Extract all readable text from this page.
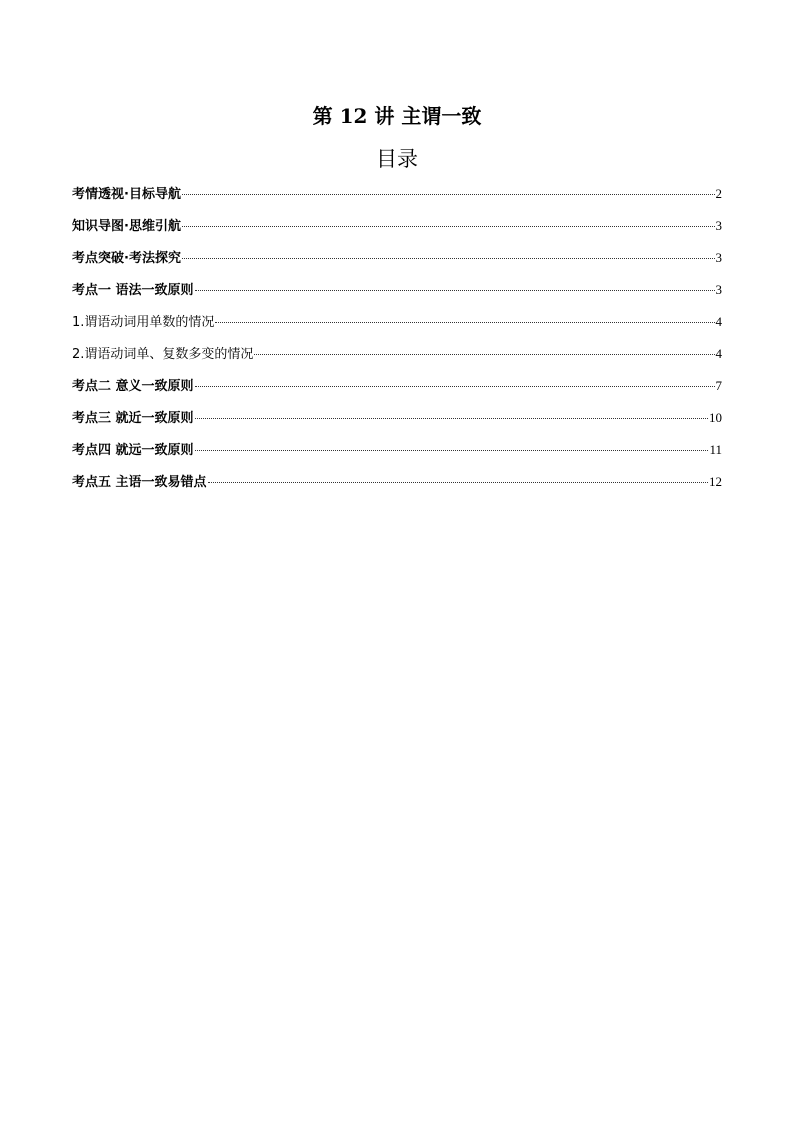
第 12 讲 主谓一致
目录
考情透视·目标导航	2
知识导图·思维引航	3
考点突破·考法探究	3
考点一 语法一致原则	3
1.谓语动词用单数的情况	4
2.谓语动词单、复数多变的情况	4
考点二 意义一致原则	7
考点三 就近一致原则	10
考点四 就远一致原则	11
考点五 主语一致易错点	12
